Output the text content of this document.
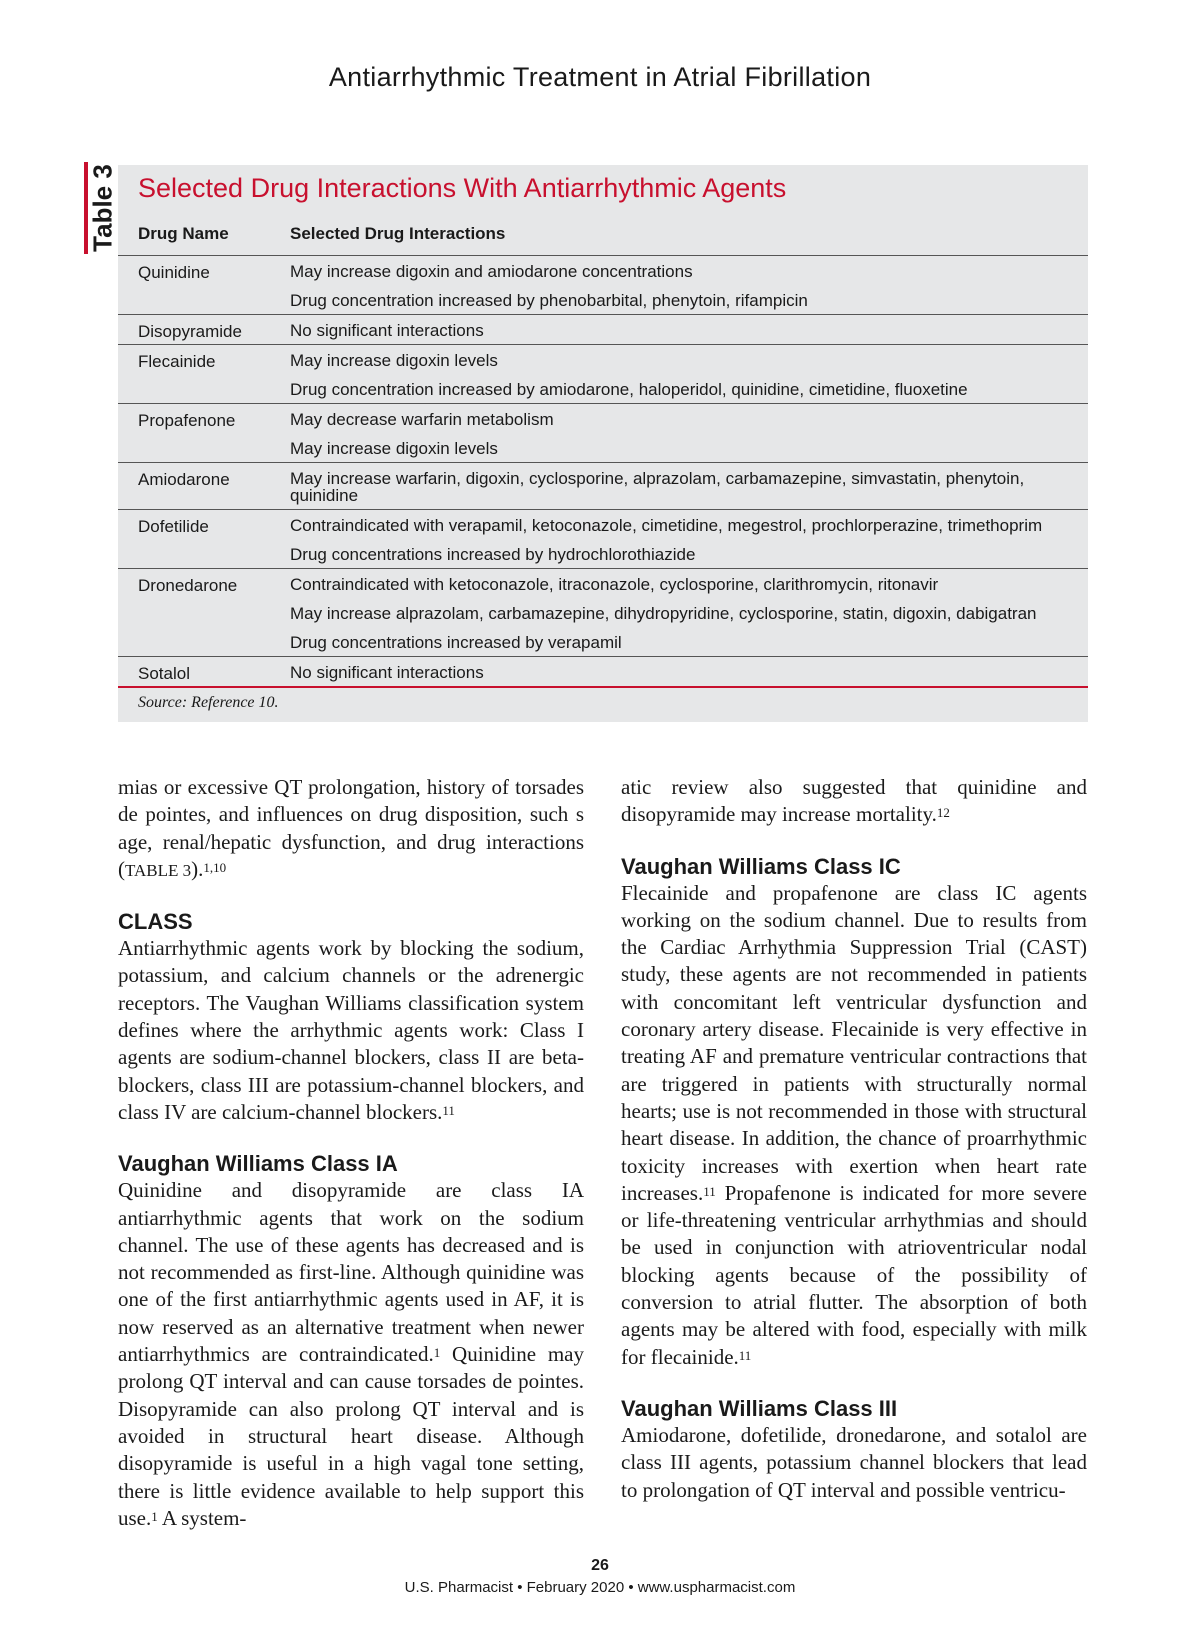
Antiarrhythmic Treatment in Atrial Fibrillation
Table 3 Selected Drug Interactions With Antiarrhythmic Agents
Drug Name	Selected Drug Interactions
Quinidine	May increase digoxin and amiodarone concentrations
Drug concentration increased by phenobarbital, phenytoin, rifampicin
Disopyramide	No significant interactions
Flecainide	May increase digoxin levels
Drug concentration increased by amiodarone, haloperidol, quinidine, cimetidine, fluoxetine
Propafenone	May decrease warfarin metabolism
May increase digoxin levels
Amiodarone	May increase warfarin, digoxin, cyclosporine, alprazolam, carbamazepine, simvastatin, phenytoin, quinidine
Dofetilide	Contraindicated with verapamil, ketoconazole, cimetidine, megestrol, prochlorperazine, trimethoprim
Drug concentrations increased by hydrochlorothiazide
Dronedarone	Contraindicated with ketoconazole, itraconazole, cyclosporine, clarithromycin, ritonavir
May increase alprazolam, carbamazepine, dihydropyridine, cyclosporine, statin, digoxin, dabigatran
Drug concentrations increased by verapamil
Sotalol	No significant interactions
Source: Reference 10.

mias or excessive QT prolongation, history of torsades de pointes, and influences on drug disposition, such s age, renal/hepatic dysfunction, and drug interactions (TABLE 3).$^{1,10}$

CLASS

Antiarrhythmic agents work by blocking the sodium, potassium, and calcium channels or the adrenergic receptors. The Vaughan Williams classification system defines where the arrhythmic agents work: Class I agents are sodium-channel blockers, class II are beta-blockers, class III are potassium-channel blockers, and class IV are calcium-channel blockers.$^{11}$

Vaughan Williams Class IA

Quinidine and disopyramide are class IA antiarrhythmic agents that work on the sodium channel. The use of these agents has decreased and is not recommended as first-line. Although quinidine was one of the first antiarrhythmic agents used in AF, it is now reserved as an alternative treatment when newer antiarrhythmics are contraindicated.$^1$ Quinidine may prolong QT interval and can cause torsades de pointes. Disopyramide can also prolong QT interval and is avoided in structural heart disease. Although disopyramide is useful in a high vagal tone setting, there is little evidence available to help support this use.$^1$ A system-

atic review also suggested that quinidine and disopyramide may increase mortality.$^{12}$

Vaughan Williams Class IC

Flecainide and propafenone are class IC agents working on the sodium channel. Due to results from the Cardiac Arrhythmia Suppression Trial (CAST) study, these agents are not recommended in patients with concomitant left ventricular dysfunction and coronary artery disease. Flecainide is very effective in treating AF and premature ventricular contractions that are triggered in patients with structurally normal hearts; use is not recommended in those with structural heart disease. In addition, the chance of proarrhythmic toxicity increases with exertion when heart rate increases.$^{11}$ Propafenone is indicated for more severe or life-threatening ventricular arrhythmias and should be used in conjunction with atrioventricular nodal blocking agents because of the possibility of conversion to atrial flutter. The absorption of both agents may be altered with food, especially with milk for flecainide.$^{11}$

Vaughan Williams Class III

Amiodarone, dofetilide, dronedarone, and sotalol are class III agents, potassium channel blockers that lead to prolongation of QT interval and possible ventricu-

26
U.S. Pharmacist • February 2020 • www.uspharmacist.com
